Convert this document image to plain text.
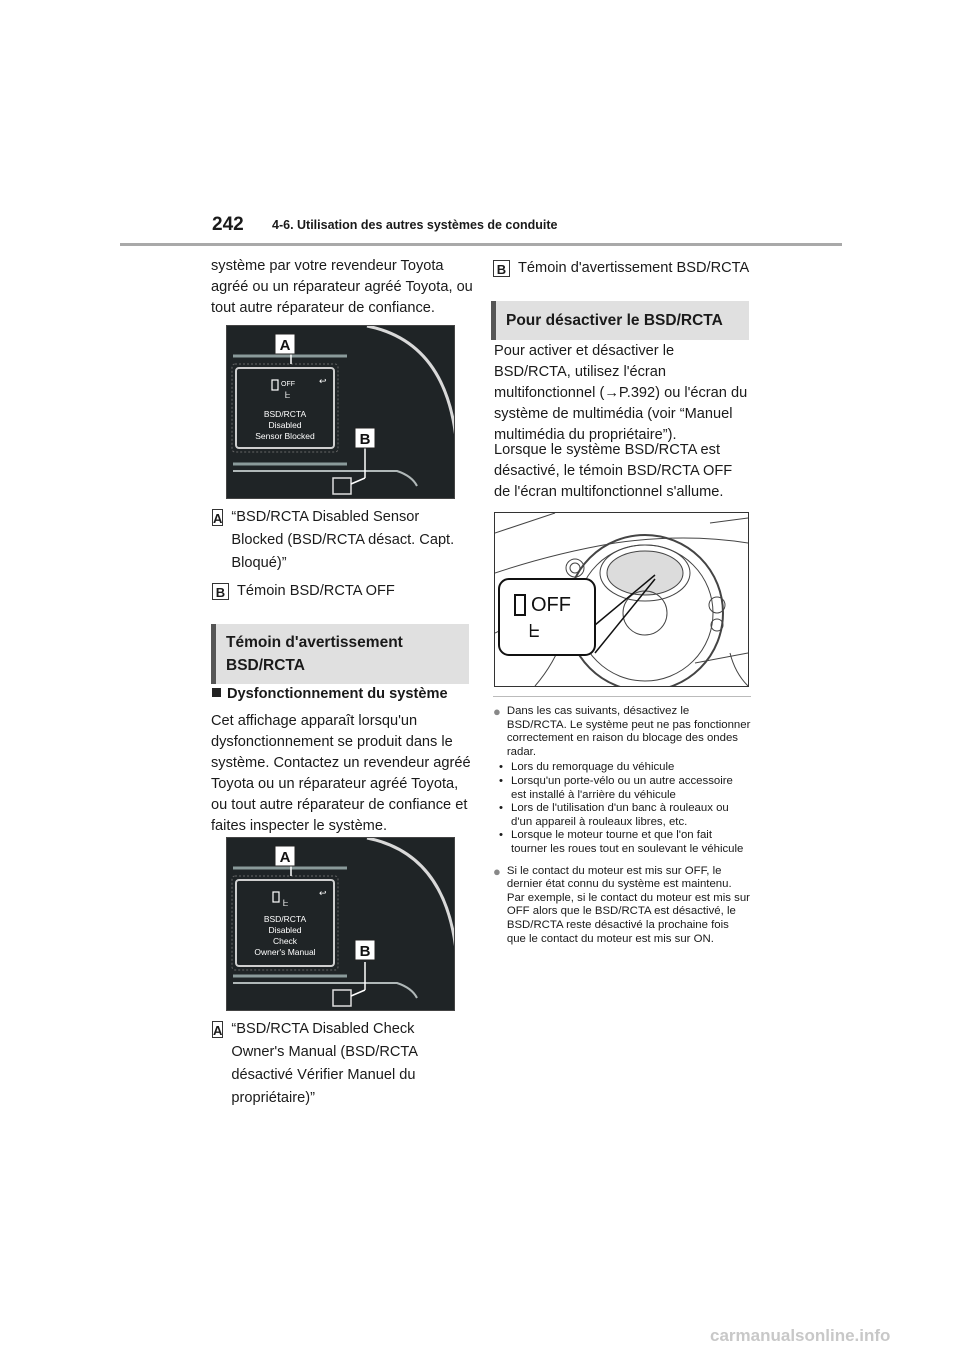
242 4-6. Utilisation des autres systèmes de conduite
système par votre revendeur Toyota agréé ou un réparateur agréé Toyota, ou tout autre réparateur de confiance.
OFF
ᖶ
↩
BSD/RCTA
Disabled
Sensor Blocked
A
B
A “BSD/RCTA Disabled Sensor Blocked (BSD/RCTA désact. Capt. Bloqué)”
B Témoin BSD/RCTA OFF
Témoin d'avertissement BSD/RCTA
Dysfonctionnement du système
Cet affichage apparaît lorsqu'un dysfonctionnement se produit dans le système. Contactez un revendeur agréé Toyota ou un réparateur agréé Toyota, ou tout autre réparateur de confiance et faites inspecter le système.
ᖶ
↩
BSD/RCTA
Disabled
Check
Owner's Manual
A
B
A “BSD/RCTA Disabled Check Owner's Manual (BSD/RCTA désactivé Vérifier Manuel du propriétaire)”
B Témoin d'avertissement BSD/RCTA
Pour désactiver le BSD/RCTA
Pour activer et désactiver le BSD/RCTA, utilisez l'écran multifonctionnel (→P.392) ou l'écran du système de multimédia (voir “Manuel multimédia du propriétaire”).
Lorsque le système BSD/RCTA est désactivé, le témoin BSD/RCTA OFF de l'écran multifonctionnel s'allume.
OFF
ᖶ
● Dans les cas suivants, désactivez le BSD/RCTA. Le système peut ne pas fonctionner correctement en raison du blocage des ondes radar.
• Lors du remorquage du véhicule
• Lorsqu'un porte-vélo ou un autre accessoire est installé à l'arrière du véhicule
• Lors de l'utilisation d'un banc à rouleaux ou d'un appareil à rouleaux libres, etc.
• Lorsque le moteur tourne et que l'on fait tourner les roues tout en soulevant le véhicule
● Si le contact du moteur est mis sur OFF, le dernier état connu du système est maintenu. Par exemple, si le contact du moteur est mis sur OFF alors que le BSD/RCTA est désactivé, le BSD/RCTA reste désactivé la prochaine fois que le contact du moteur est mis sur ON.
carmanualsonline.info
